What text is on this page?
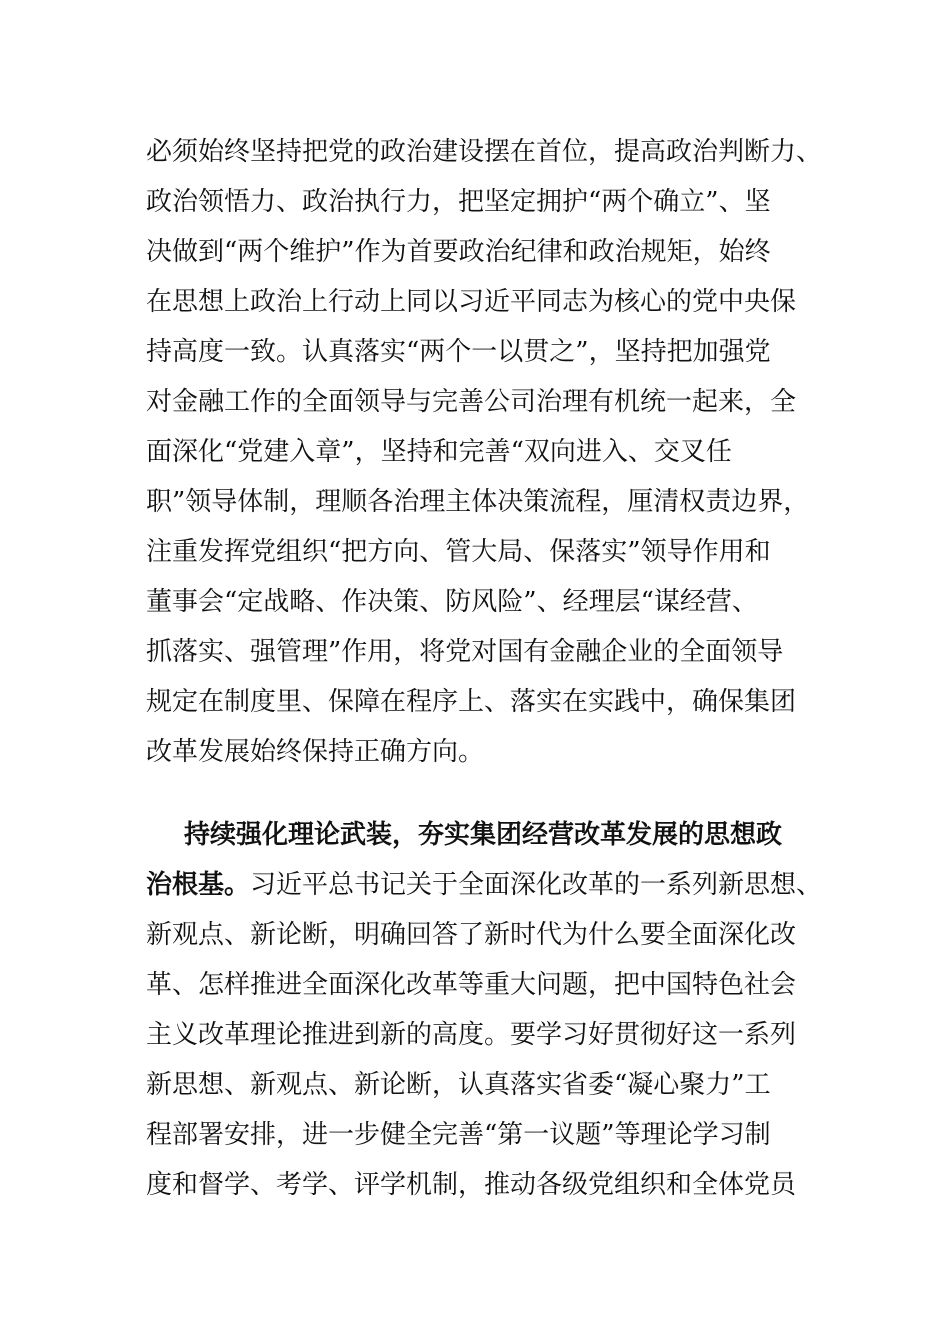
必须始终坚持把党的政治建设摆在首位，提高政治判断力、
政治领悟力、政治执行力，把坚定拥护“两个确立”、坚
决做到“两个维护”作为首要政治纪律和政治规矩，始终
在思想上政治上行动上同以习近平同志为核心的党中央保
持高度一致。认真落实“两个一以贯之”，坚持把加强党
对金融工作的全面领导与完善公司治理有机统一起来，全
面深化“党建入章”，坚持和完善“双向进入、交叉任
职”领导体制，理顺各治理主体决策流程，厘清权责边界，
注重发挥党组织“把方向、管大局、保落实”领导作用和
董事会“定战略、作决策、防风险”、经理层“谋经营、
抓落实、强管理”作用，将党对国有金融企业的全面领导
规定在制度里、保障在程序上、落实在实践中，确保集团
改革发展始终保持正确方向。
持续强化理论武装，夯实集团经营改革发展的思想政
治根基。习近平总书记关于全面深化改革的一系列新思想、
新观点、新论断，明确回答了新时代为什么要全面深化改
革、怎样推进全面深化改革等重大问题，把中国特色社会
主义改革理论推进到新的高度。要学习好贯彻好这一系列
新思想、新观点、新论断，认真落实省委“凝心聚力”工
程部署安排，进一步健全完善“第一议题”等理论学习制
度和督学、考学、评学机制，推动各级党组织和全体党员
